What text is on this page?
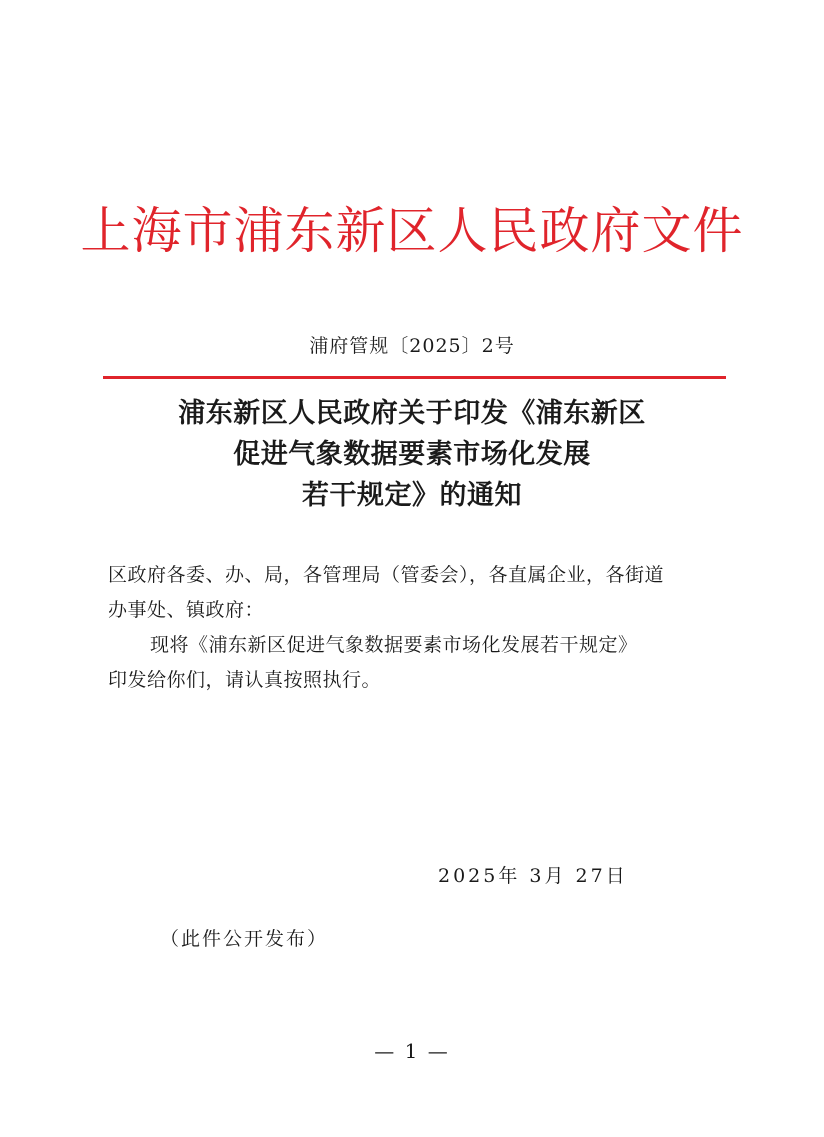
上海市浦东新区人民政府文件
浦府管规〔2025〕2号
浦东新区人民政府关于印发《浦东新区
促进气象数据要素市场化发展
若干规定》的通知
区政府各委、办、局，各管理局（管委会），各直属企业，各街道
办事处、镇政府：
现将《浦东新区促进气象数据要素市场化发展若干规定》
印发给你们，请认真按照执行。
2025年 3月 27日
（此件公开发布）
— 1 —
